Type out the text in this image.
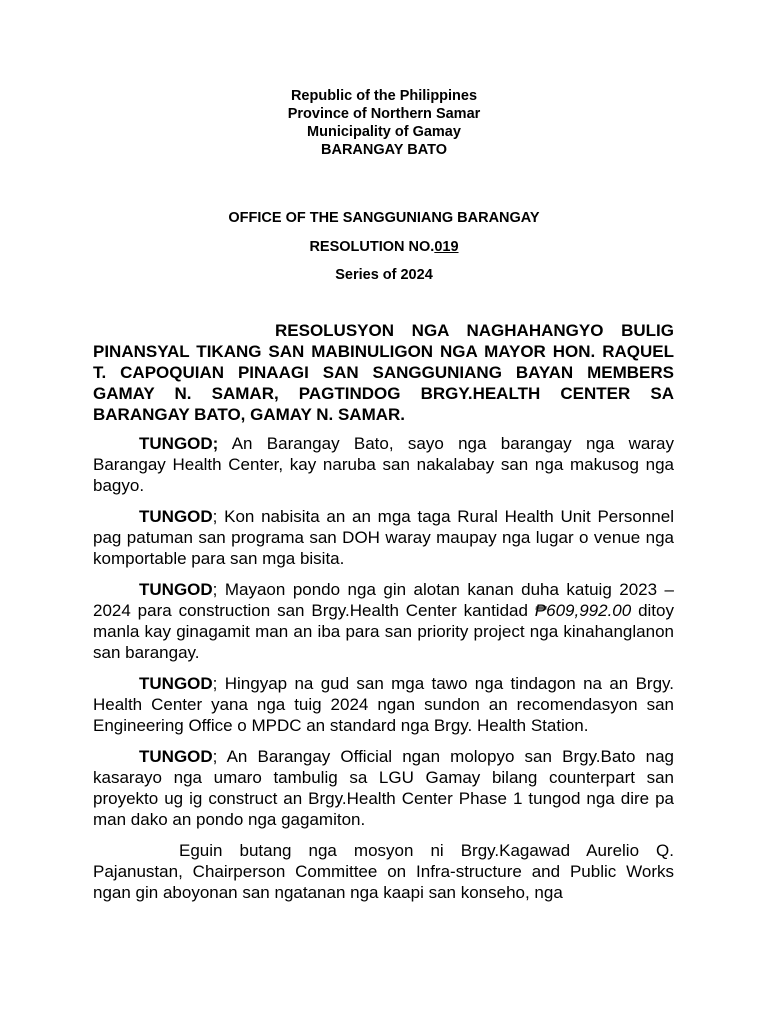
Republic of the Philippines
Province of Northern Samar
Municipality of Gamay
BARANGAY BATO
OFFICE OF THE SANGGUNIANG BARANGAY
RESOLUTION NO.019
Series of 2024

RESOLUSYON NGA NAGHAHANGYO BULIG PINANSYAL TIKANG SAN MABINULIGON NGA MAYOR HON. RAQUEL T. CAPOQUIAN PINAAGI SAN SANGGUNIANG BAYAN MEMBERS GAMAY N. SAMAR, PAGTINDOG BRGY.HEALTH CENTER SA BARANGAY BATO, GAMAY N. SAMAR.

TUNGOD; An Barangay Bato, sayo nga barangay nga waray Barangay Health Center, kay naruba san nakalabay san nga makusog nga bagyo.

TUNGOD; Kon nabisita an an mga taga Rural Health Unit Personnel pag patuman san programa san DOH waray maupay nga lugar o venue nga komportable para san mga bisita.

TUNGOD; Mayaon pondo nga gin alotan kanan duha katuig 2023 – 2024 para construction san Brgy.Health Center kantidad ₱609,992.00 ditoy manla kay ginagamit man an iba para san priority project nga kinahanglanon san barangay.

TUNGOD; Hingyap na gud san mga tawo nga tindagon na an Brgy. Health Center yana nga tuig 2024 ngan sundon an recomendasyon san Engineering Office o MPDC an standard nga Brgy. Health Station.

TUNGOD; An Barangay Official ngan molopyo san Brgy.Bato nag kasarayo nga umaro tambulig sa LGU Gamay bilang counterpart san proyekto ug ig construct an Brgy.Health Center Phase 1 tungod nga dire pa man dako an pondo nga gagamiton.

Eguin butang nga mosyon ni Brgy.Kagawad Aurelio Q. Pajanustan, Chairperson Committee on Infra-structure and Public Works ngan gin aboyonan san ngatanan nga kaapi san konseho, nga
